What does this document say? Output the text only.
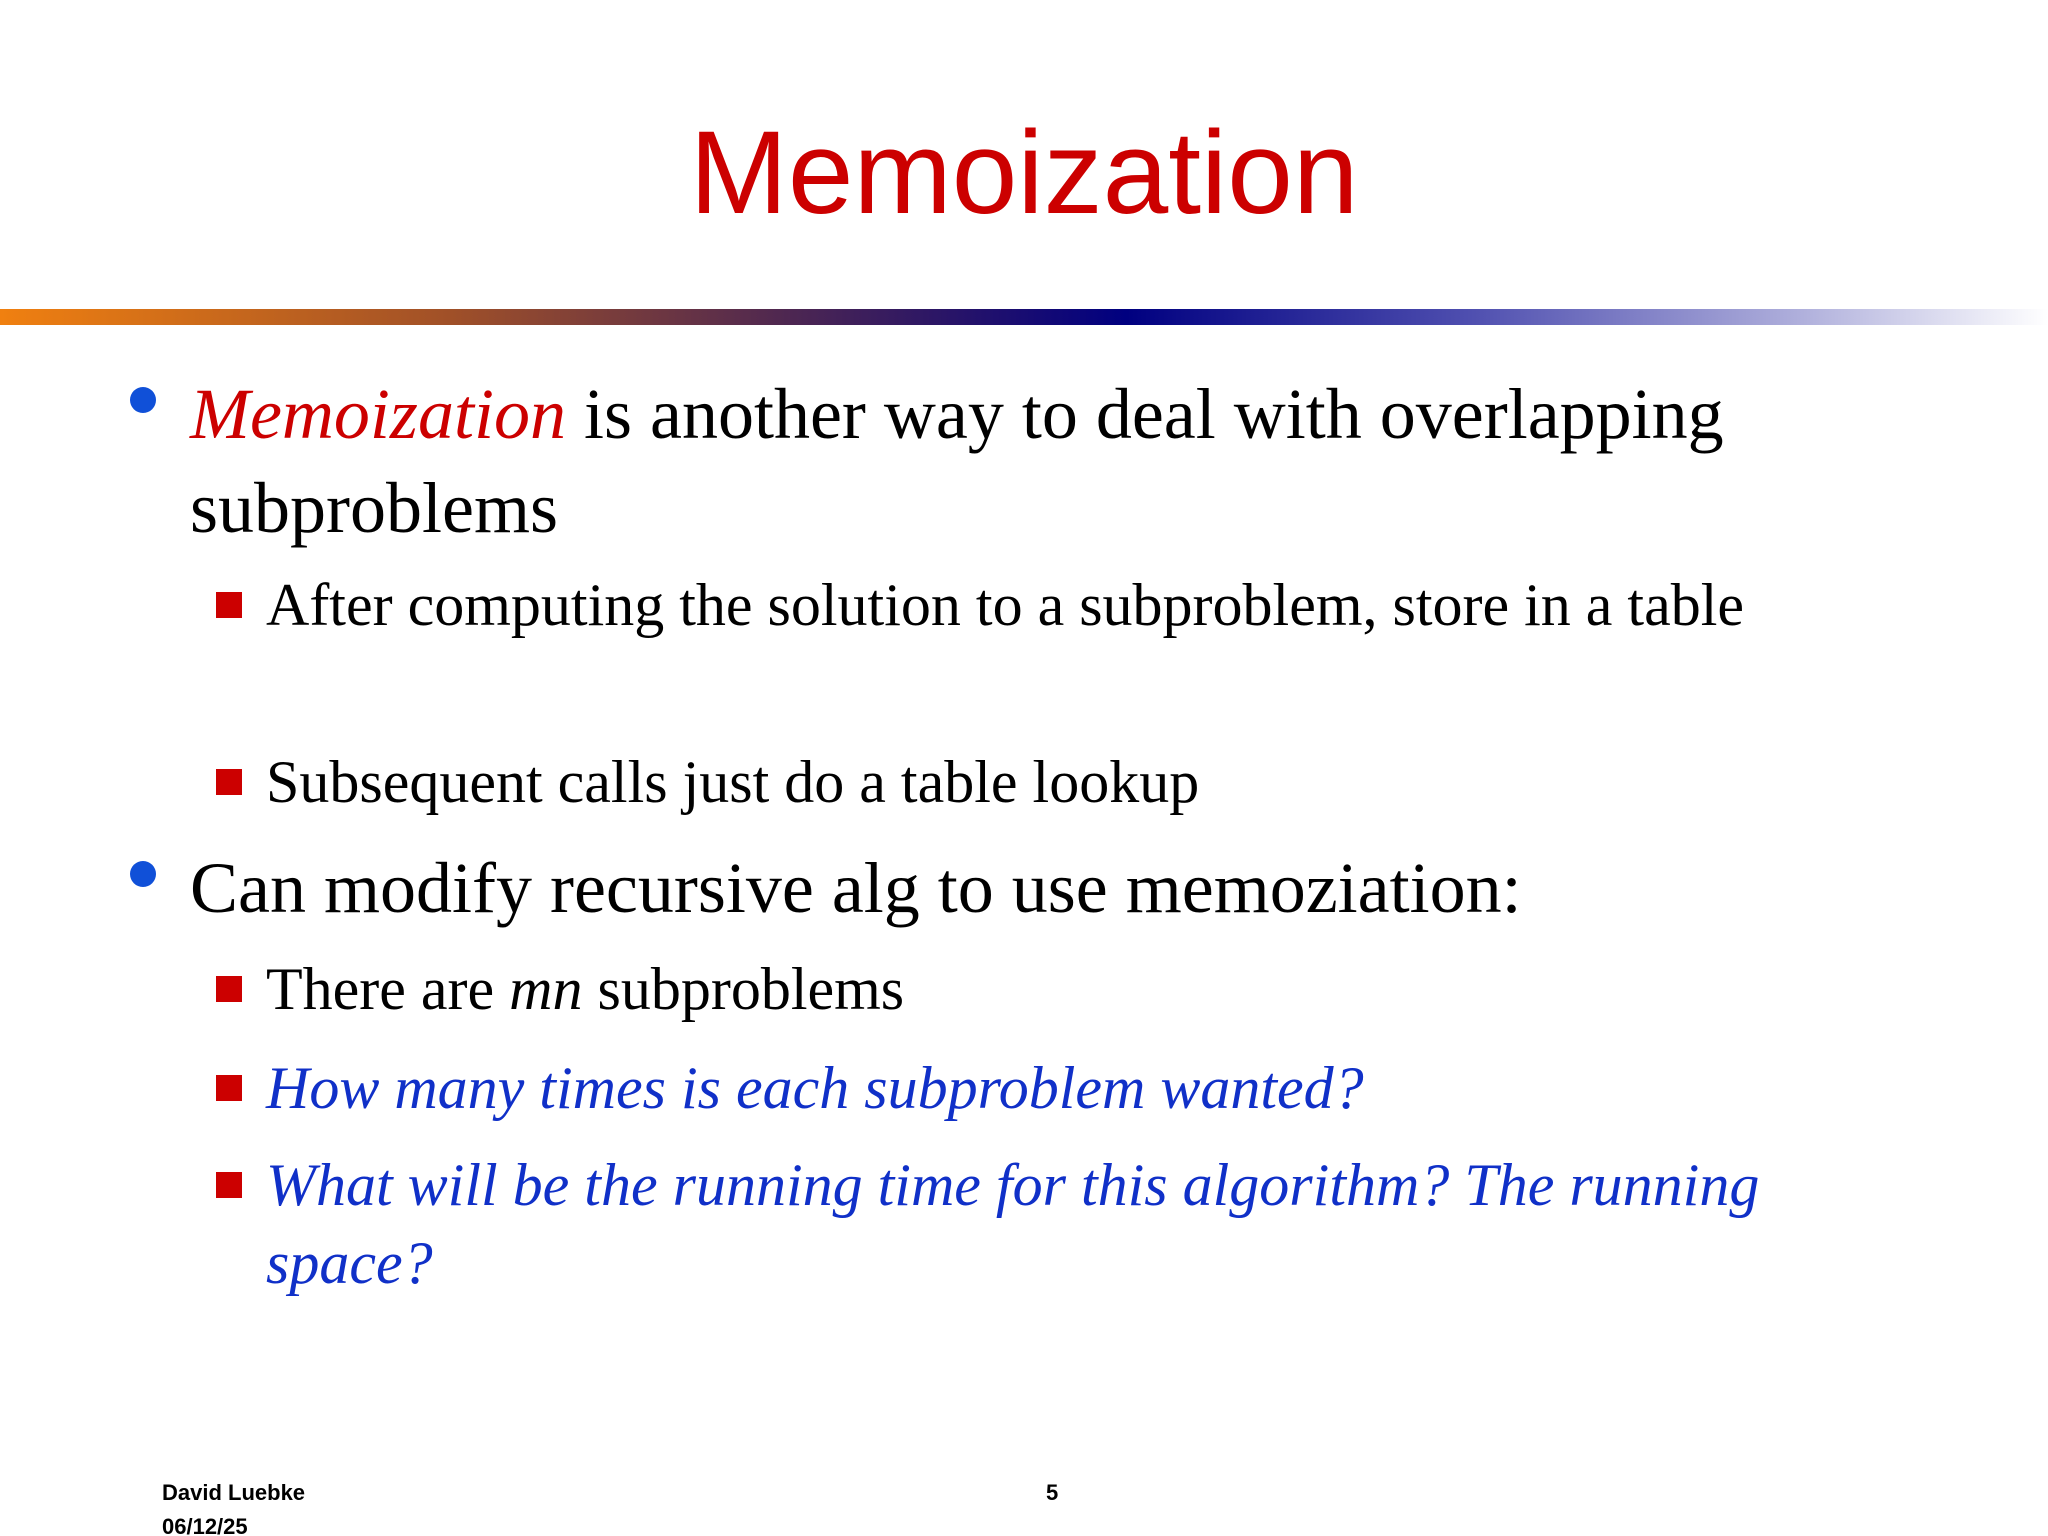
Memoization
Memoization is another way to deal with overlapping subproblems
After computing the solution to a subproblem, store in a table
Subsequent calls just do a table lookup
Can modify recursive alg to use memoziation:
There are mn subproblems
How many times is each subproblem wanted?
What will be the running time for this algorithm? The running space?
David Luebke
06/12/25
5
